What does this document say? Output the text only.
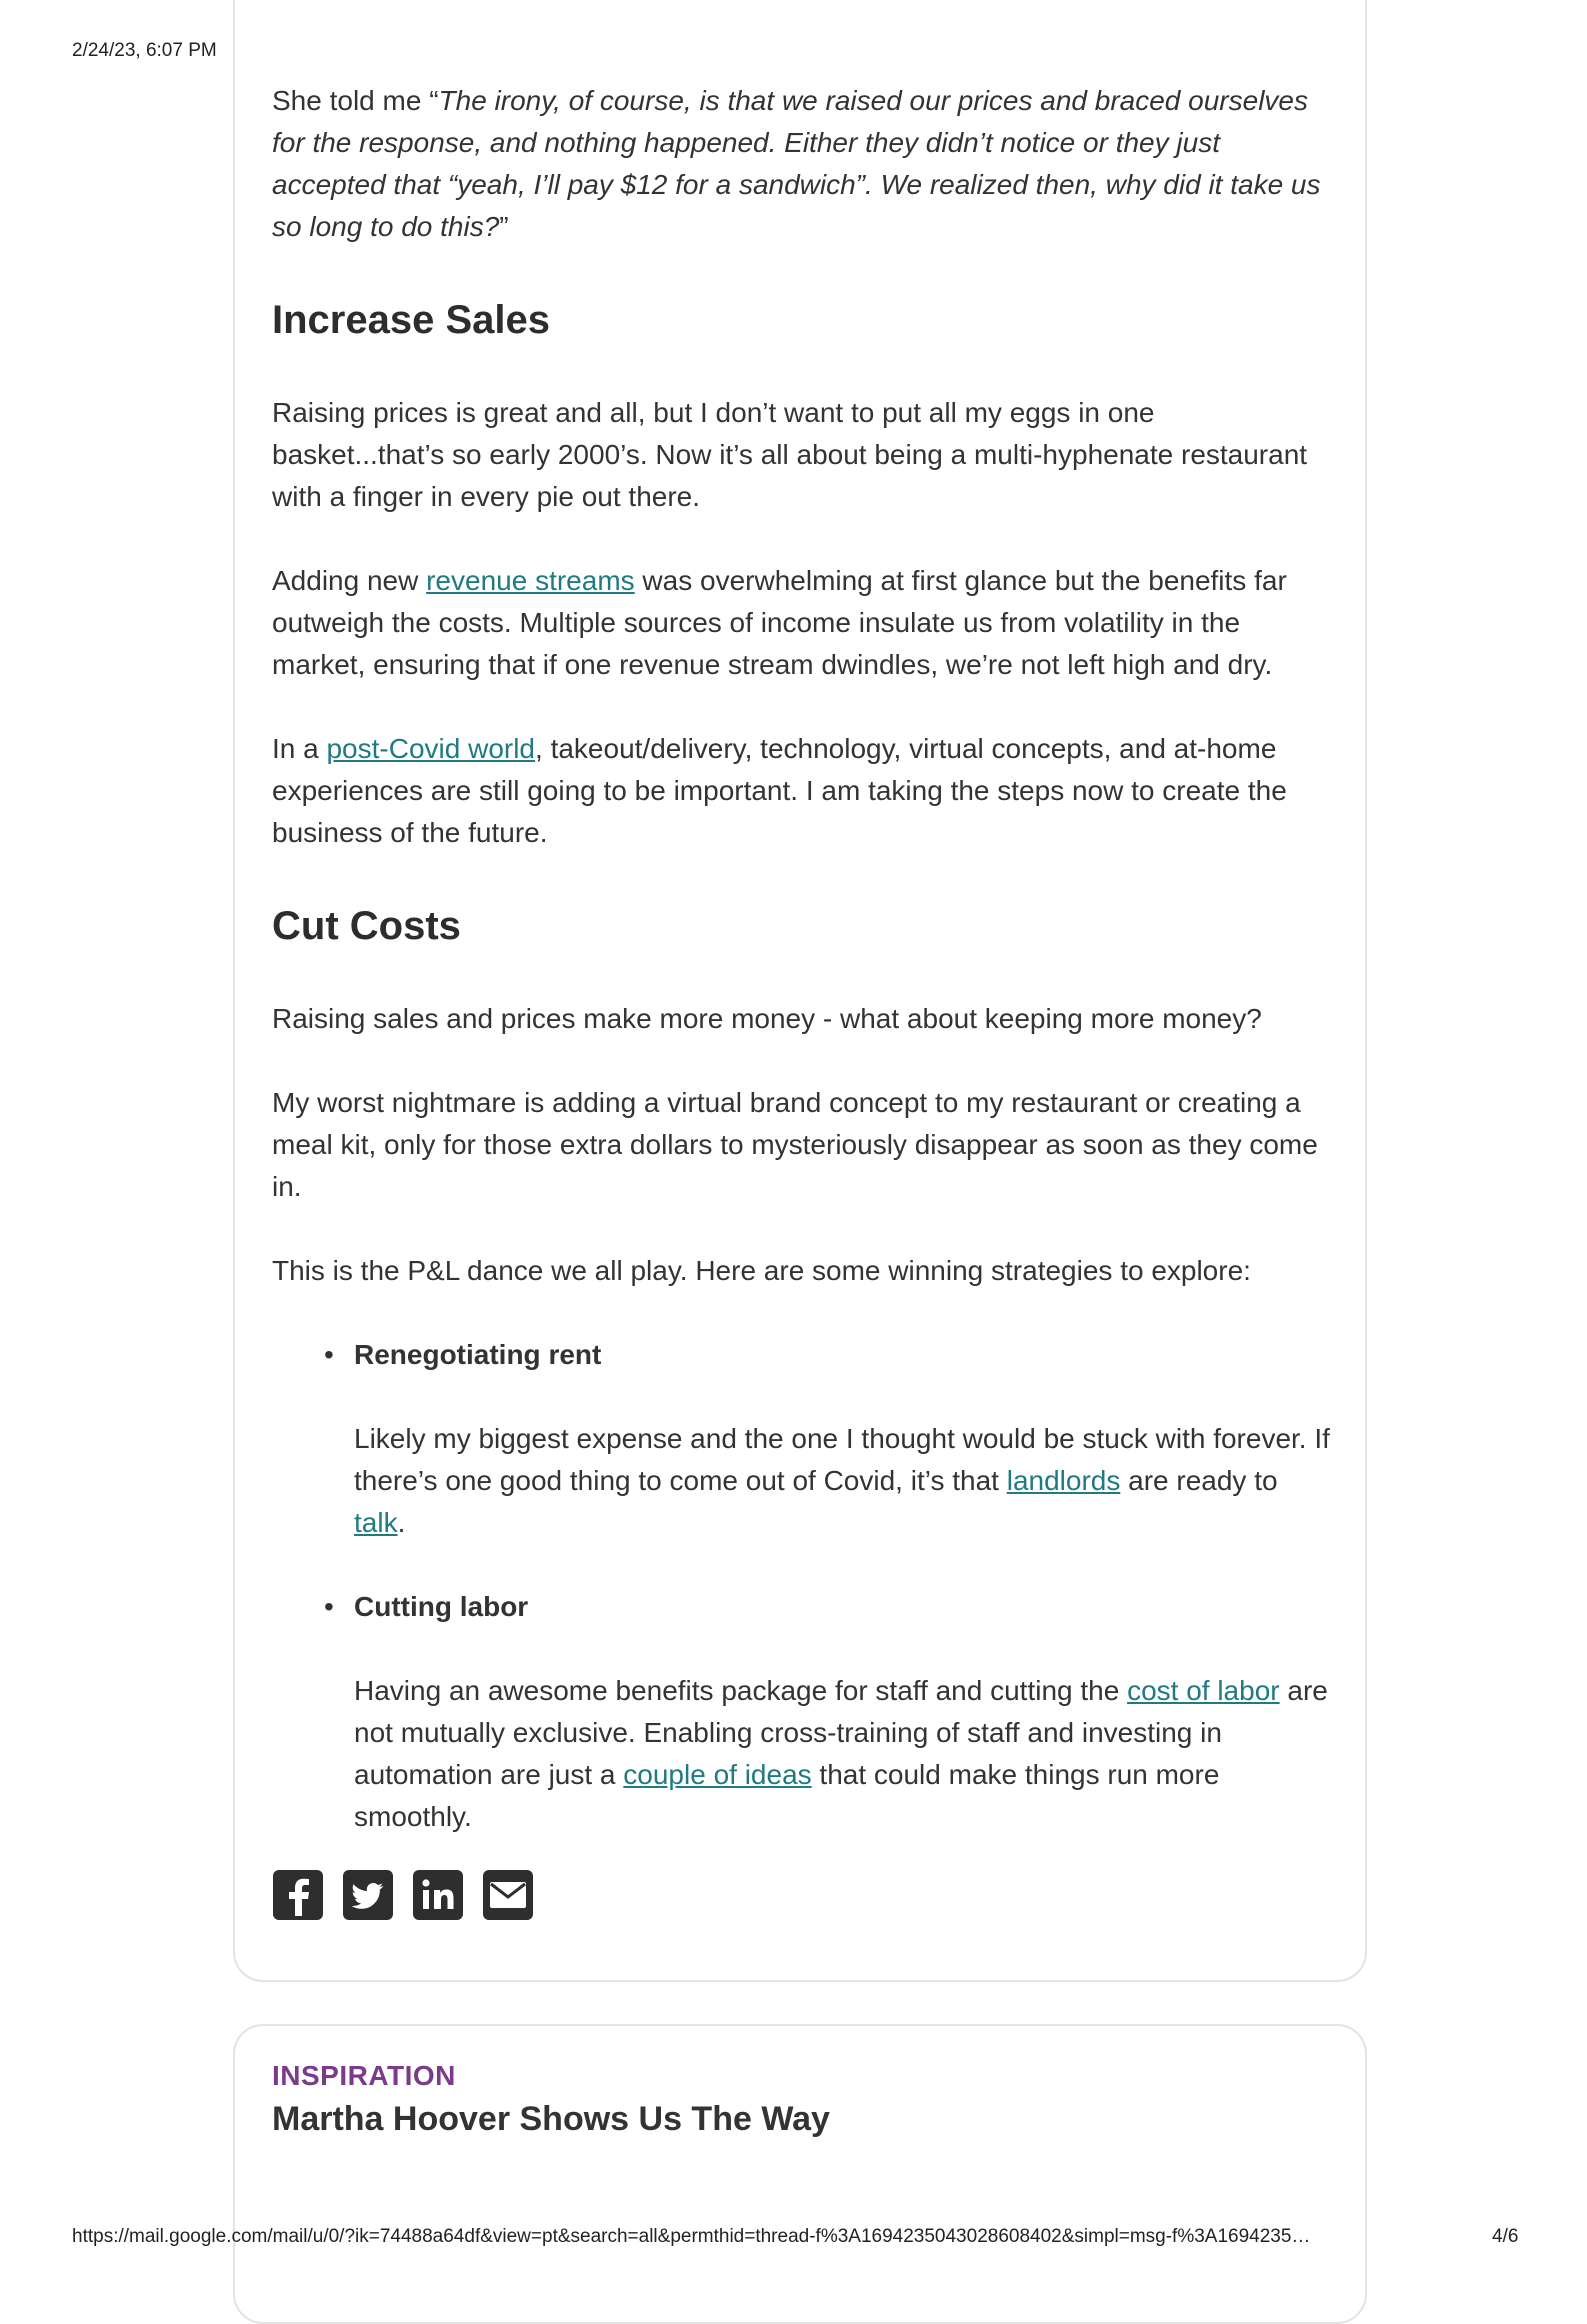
2/24/23, 6:07 PM

She told me “The irony, of course, is that we raised our prices and braced ourselves for the response, and nothing happened. Either they didn’t notice or they just accepted that “yeah, I’ll pay $12 for a sandwich”. We realized then, why did it take us so long to do this?”

Increase Sales

Raising prices is great and all, but I don’t want to put all my eggs in one basket...that’s so early 2000’s. Now it’s all about being a multi-hyphenate restaurant with a finger in every pie out there.

Adding new revenue streams was overwhelming at first glance but the benefits far outweigh the costs. Multiple sources of income insulate us from volatility in the market, ensuring that if one revenue stream dwindles, we’re not left high and dry.

In a post-Covid world, takeout/delivery, technology, virtual concepts, and at-home experiences are still going to be important. I am taking the steps now to create the business of the future.

Cut Costs

Raising sales and prices make more money - what about keeping more money?

My worst nightmare is adding a virtual brand concept to my restaurant or creating a meal kit, only for those extra dollars to mysteriously disappear as soon as they come in.

This is the P&L dance we all play. Here are some winning strategies to explore:

• Renegotiating rent
Likely my biggest expense and the one I thought would be stuck with forever. If there’s one good thing to come out of Covid, it’s that landlords are ready to talk.
• Cutting labor
Having an awesome benefits package for staff and cutting the cost of labor are not mutually exclusive. Enabling cross-training of staff and investing in automation are just a couple of ideas that could make things run more smoothly.
INSPIRATION
Martha Hoover Shows Us The Way
https://mail.google.com/mail/u/0/?ik=74488a64df&view=pt&search=all&permthid=thread-f%3A1694235043028608402&simpl=msg-f%3A1694235…	4/6
